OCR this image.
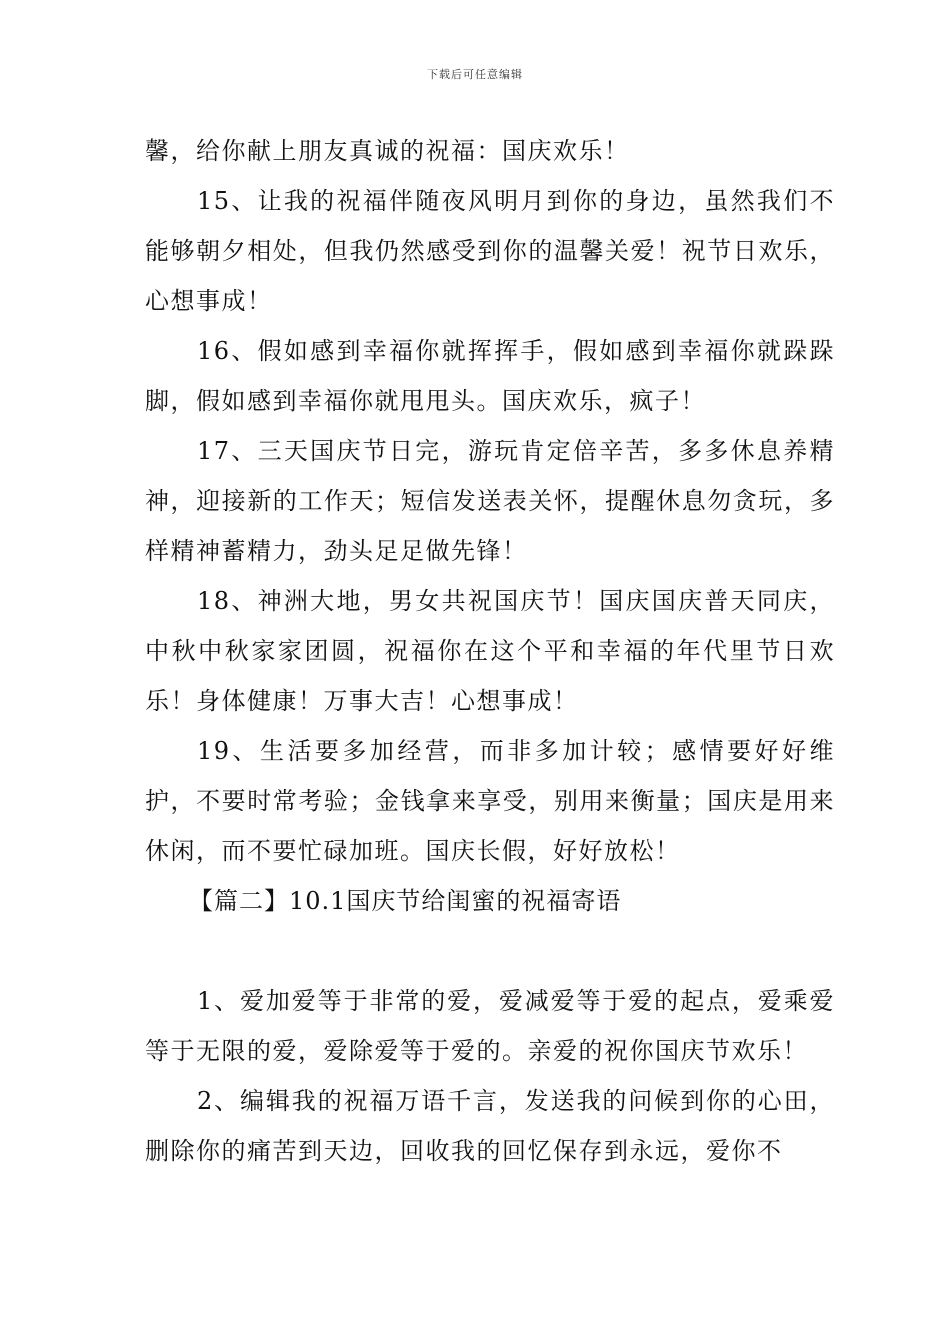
下载后可任意编辑

馨，给你献上朋友真诚的祝福：国庆欢乐！

15、让我的祝福伴随夜风明月到你的身边，虽然我们不能够朝夕相处，但我仍然感受到你的温馨关爱！祝节日欢乐，心想事成！

16、假如感到幸福你就挥挥手，假如感到幸福你就跺跺脚，假如感到幸福你就甩甩头。国庆欢乐，疯子！

17、三天国庆节日完，游玩肯定倍辛苦，多多休息养精神，迎接新的工作天；短信发送表关怀，提醒休息勿贪玩，多样精神蓄精力，劲头足足做先锋！

18、神洲大地，男女共祝国庆节！国庆国庆普天同庆，中秋中秋家家团圆，祝福你在这个平和幸福的年代里节日欢乐！身体健康！万事大吉！心想事成！

19、生活要多加经营，而非多加计较；感情要好好维护，不要时常考验；金钱拿来享受，别用来衡量；国庆是用来休闲，而不要忙碌加班。国庆长假，好好放松！

【篇二】10.1国庆节给闺蜜的祝福寄语

1、爱加爱等于非常的爱，爱减爱等于爱的起点，爱乘爱等于无限的爱，爱除爱等于爱的。亲爱的祝你国庆节欢乐！

2、编辑我的祝福万语千言，发送我的问候到你的心田，删除你的痛苦到天边，回收我的回忆保存到永远，爱你不
